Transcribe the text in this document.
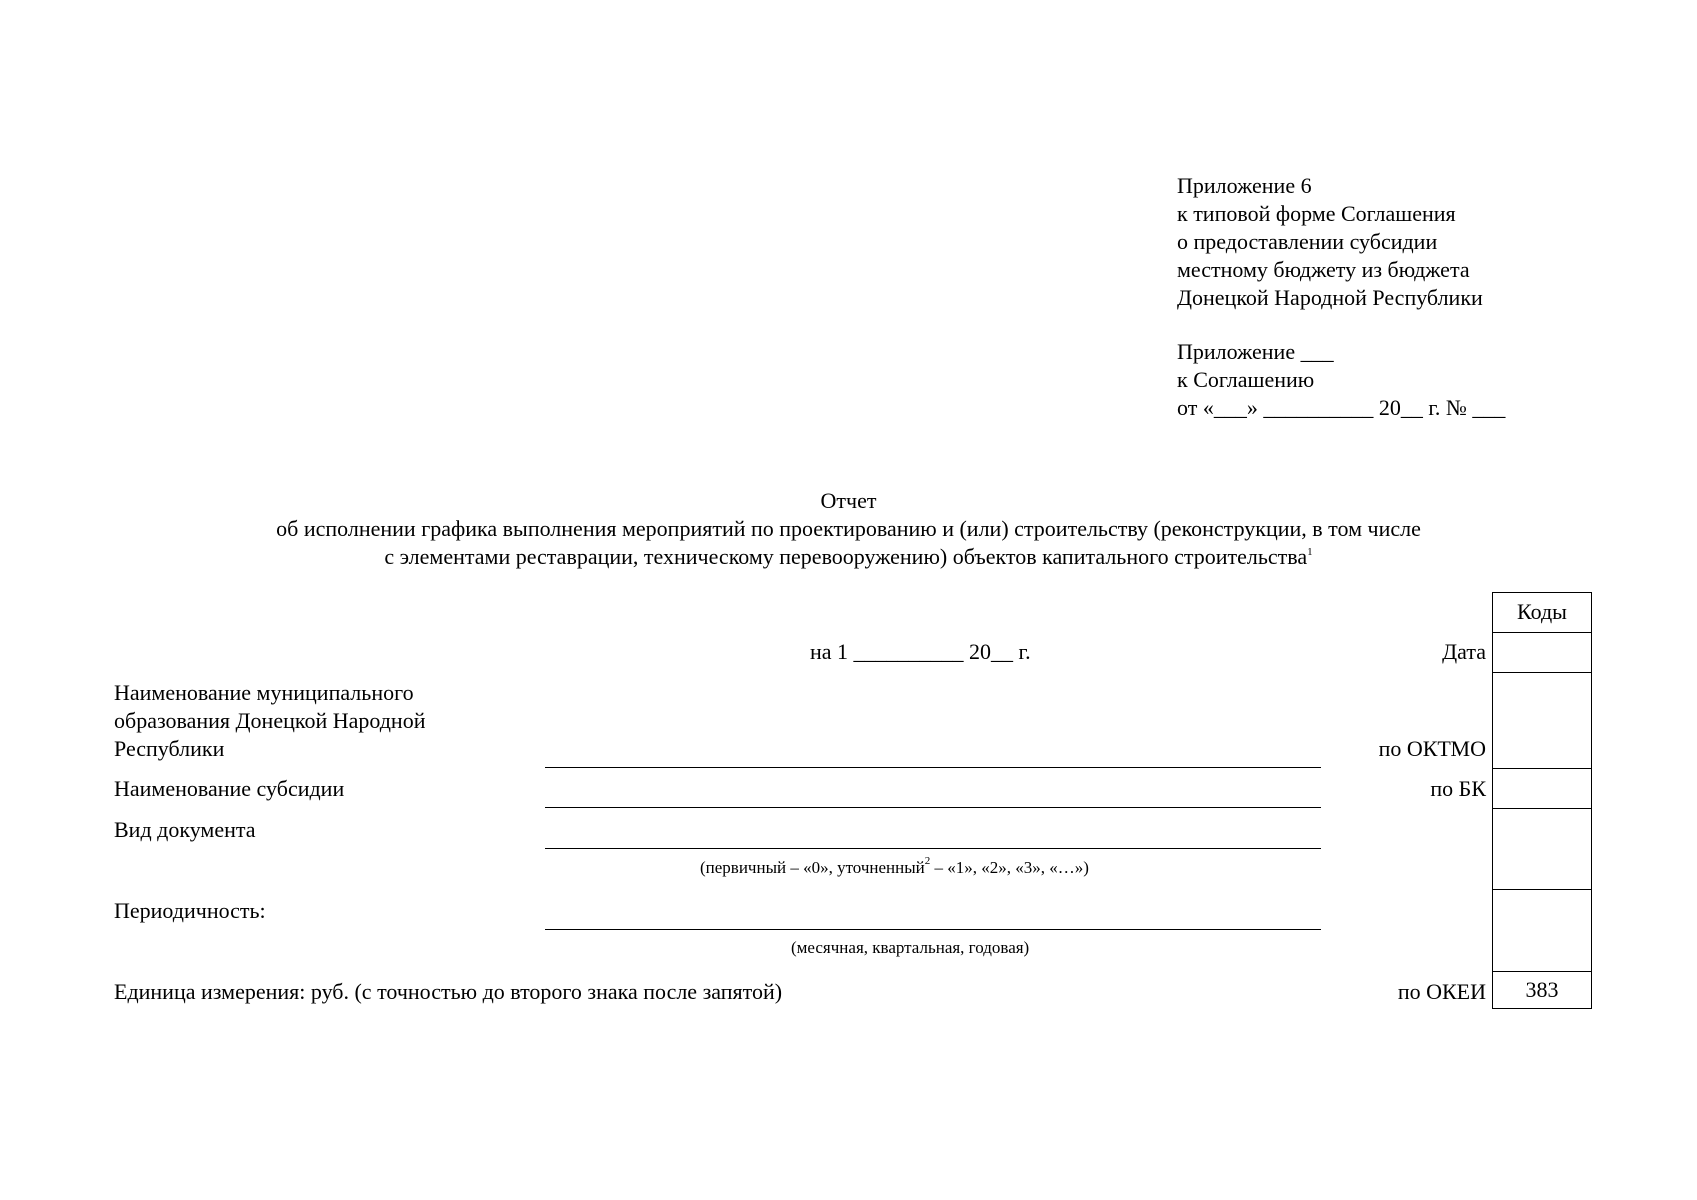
Приложение 6
к типовой форме Соглашения
о предоставлении субсидии
местному бюджету из бюджета
Донецкой Народной Республики
Приложение ___
к Соглашению
от «___» __________ 20__ г. № ___
Отчет
об исполнении графика выполнения мероприятий по проектированию и (или) строительству (реконструкции, в том числе
с элементами реставрации, техническому перевооружению) объектов капитального строительства$^1$
на 1 __________ 20__ г.
Наименование муниципального
образования Донецкой Народной
Республики
Наименование субсидии
Вид документа
Периодичность:
Единица измерения: руб. (с точностью до второго знака после запятой)
(первичный – «0», уточненный$^2$ – «1», «2», «3», «…»)
(месячная, квартальная, годовая)
Дата
по ОКТМО
по БК
по ОКЕИ
Коды
383
